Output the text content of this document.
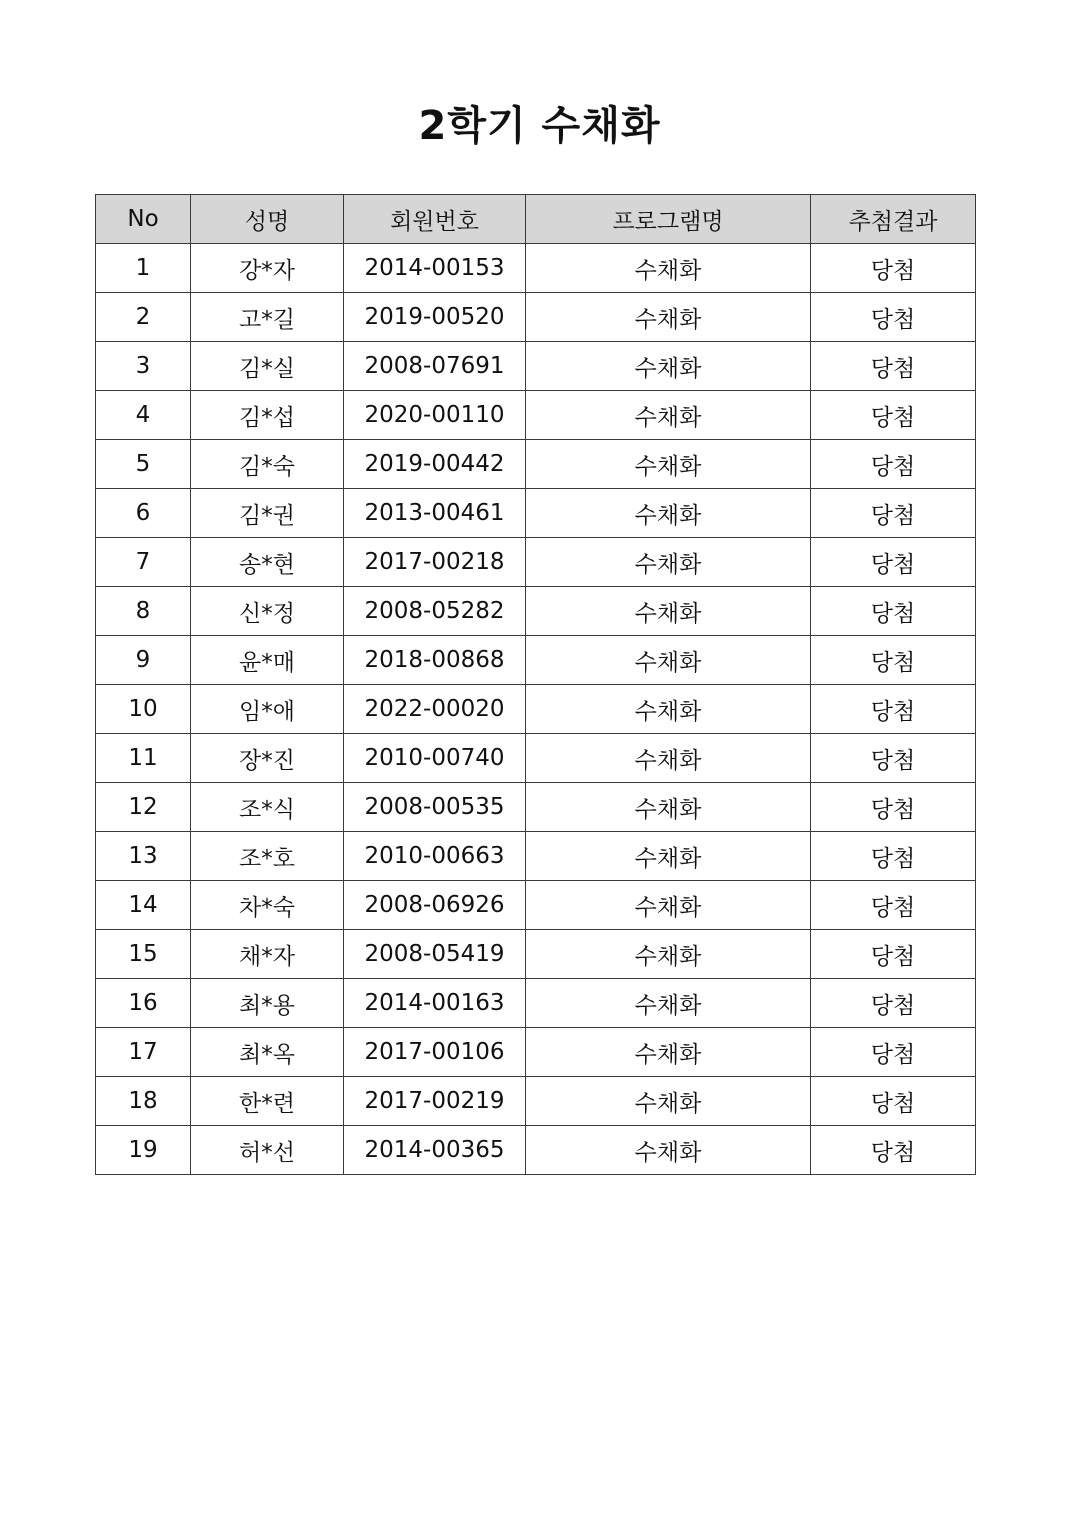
2학기 수채화
No	성명	회원번호	프로그램명	추첨결과
1	강*자	2014-00153	수채화	당첨
2	고*길	2019-00520	수채화	당첨
3	김*실	2008-07691	수채화	당첨
4	김*섭	2020-00110	수채화	당첨
5	김*숙	2019-00442	수채화	당첨
6	김*권	2013-00461	수채화	당첨
7	송*현	2017-00218	수채화	당첨
8	신*정	2008-05282	수채화	당첨
9	윤*매	2018-00868	수채화	당첨
10	임*애	2022-00020	수채화	당첨
11	장*진	2010-00740	수채화	당첨
12	조*식	2008-00535	수채화	당첨
13	조*호	2010-00663	수채화	당첨
14	차*숙	2008-06926	수채화	당첨
15	채*자	2008-05419	수채화	당첨
16	최*용	2014-00163	수채화	당첨
17	최*옥	2017-00106	수채화	당첨
18	한*련	2017-00219	수채화	당첨
19	허*선	2014-00365	수채화	당첨
